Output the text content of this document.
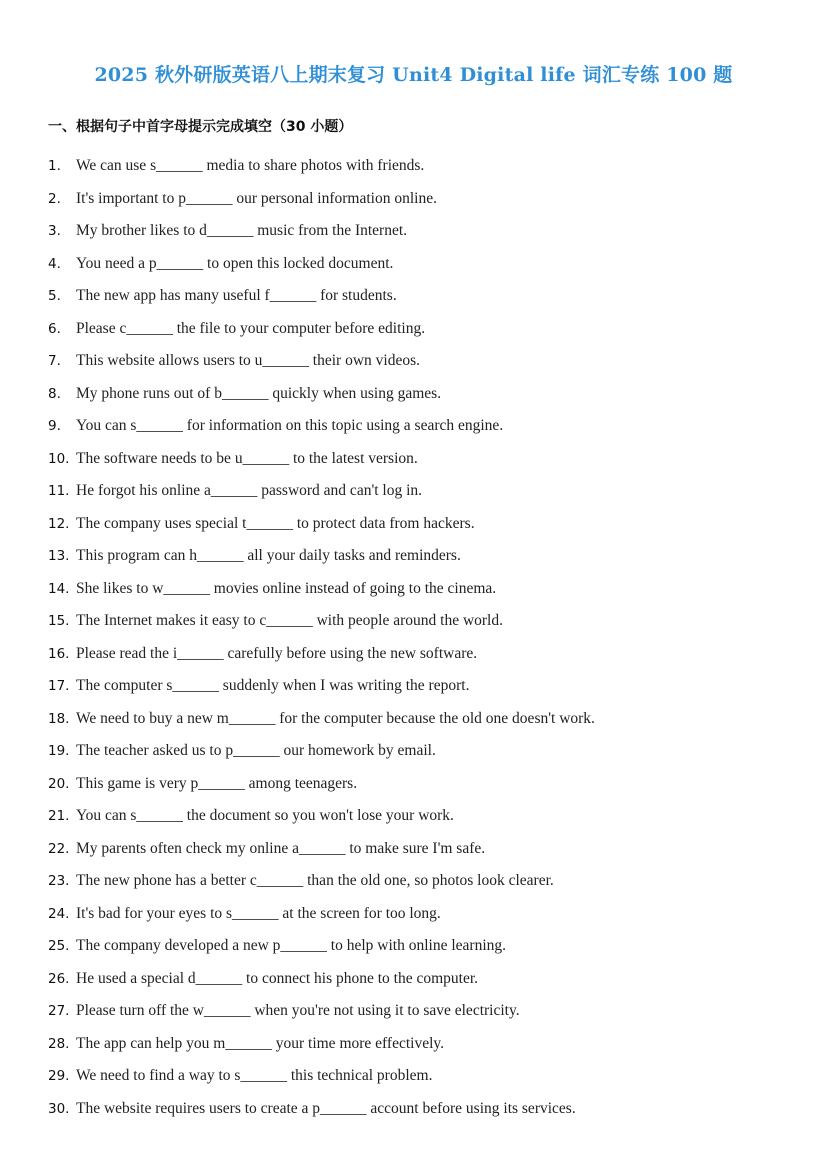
2025 秋外研版英语八上期末复习 Unit4 Digital life 词汇专练 100 题
一、根据句子中首字母提示完成填空（30 小题）
1. We can use s______ media to share photos with friends.
2. It's important to p______ our personal information online.
3. My brother likes to d______ music from the Internet.
4. You need a p______ to open this locked document.
5. The new app has many useful f______ for students.
6. Please c______ the file to your computer before editing.
7. This website allows users to u______ their own videos.
8. My phone runs out of b______ quickly when using games.
9. You can s______ for information on this topic using a search engine.
10. The software needs to be u______ to the latest version.
11. He forgot his online a______ password and can't log in.
12. The company uses special t______ to protect data from hackers.
13. This program can h______ all your daily tasks and reminders.
14. She likes to w______ movies online instead of going to the cinema.
15. The Internet makes it easy to c______ with people around the world.
16. Please read the i______ carefully before using the new software.
17. The computer s______ suddenly when I was writing the report.
18. We need to buy a new m______ for the computer because the old one doesn't work.
19. The teacher asked us to p______ our homework by email.
20. This game is very p______ among teenagers.
21. You can s______ the document so you won't lose your work.
22. My parents often check my online a______ to make sure I'm safe.
23. The new phone has a better c______ than the old one, so photos look clearer.
24. It's bad for your eyes to s______ at the screen for too long.
25. The company developed a new p______ to help with online learning.
26. He used a special d______ to connect his phone to the computer.
27. Please turn off the w______ when you're not using it to save electricity.
28. The app can help you m______ your time more effectively.
29. We need to find a way to s______ this technical problem.
30. The website requires users to create a p______ account before using its services.
